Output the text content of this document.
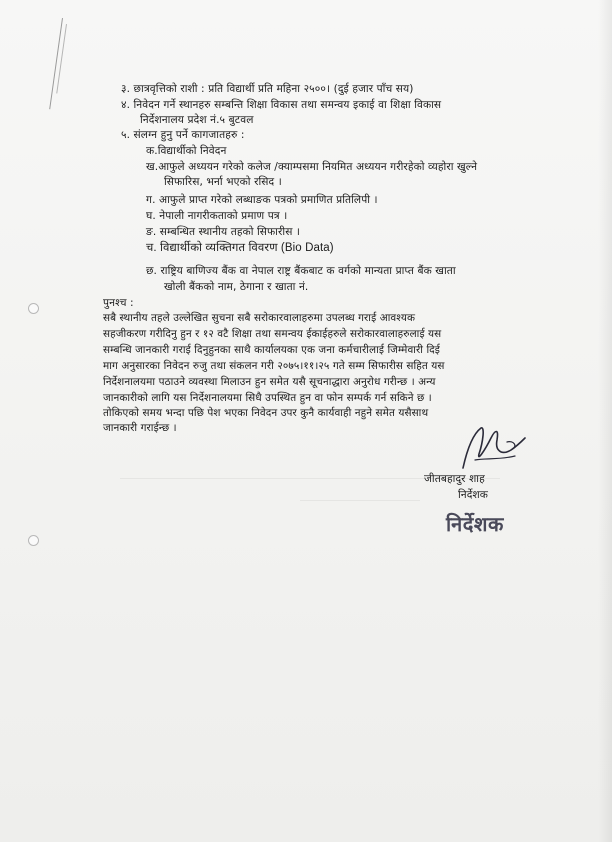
३. छात्रवृत्तिको राशी : प्रति विद्यार्थी प्रति महिना २५००। (दुई हजार पाँच सय)
४. निवेदन गर्ने स्थानहरु सम्बन्ति शिक्षा विकास तथा समन्वय इकाई वा शिक्षा विकास
निर्देशनालय प्रदेश नं.५ बुटवल
५. संलग्न हुनु पर्ने कागजातहरु :
क.विद्यार्थीको निवेदन
ख.आफुले अध्ययन गरेको कलेज /क्याम्पसमा नियमित अध्ययन गरीरहेको व्यहोरा खुल्ने
सिफारिस, भर्ना भएको रसिद ।
ग. आफुले प्राप्त गरेको लब्धाङक पत्रको प्रमाणित प्रतिलिपी ।
घ. नेपाली नागरीकताको प्रमाण पत्र ।
ङ. सम्बन्धित स्थानीय तहको सिफारीस ।
च. विद्यार्थीको व्यक्तिगत विवरण (Bio Data)
छ. राष्ट्रिय बाणिज्य बैंक वा नेपाल राष्ट्र बैंकबाट क वर्गको मान्यता प्राप्त बैंक खाता
खोली बैंकको नाम, ठेगाना र खाता नं.
पुनश्च :
सबै स्थानीय तहले उल्लेखित सुचना सबै सरोकारवालाहरुमा उपलब्ध गराई आवश्यक
सहजीकरण गरीदिनु हुन र १२ वटै शिक्षा तथा समन्वय ईकाईहरुले सरोकारवालाहरुलाई यस
सम्बन्धि जानकारी गराई दिनुहुनका साथै कार्यालयका एक जना कर्मचारीलाई जिम्मेवारी दिई
माग अनुसारका निवेदन रुजु तथा संकलन गरी २०७५।११।२५ गते सम्म सिफारीस सहित यस
निर्देशनालयमा पठाउने व्यवस्था मिलाउन हुन समेत यसै सूचनाद्धारा अनुरोध गरीन्छ । अन्य
जानकारीको लागि यस निर्देशनालयमा सिधै उपस्थित हुन वा फोन सम्पर्क गर्न सकिने छ ।
तोकिएको समय भन्दा पछि पेश भएका निवेदन उपर कुनै कार्यवाही नहुने समेत यसैसाथ
जानकारी गराईन्छ ।
जीतबहादुर शाह
निर्देशक
निर्देशक
